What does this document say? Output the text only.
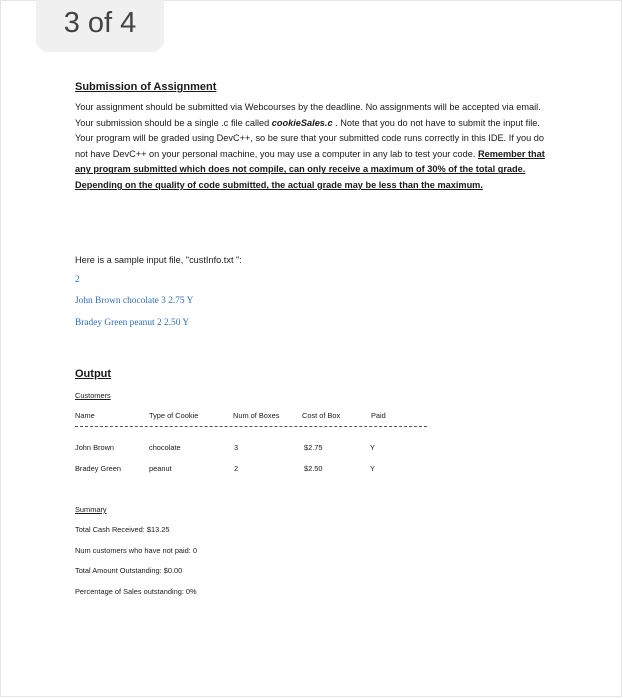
3 of 4
Submission of Assignment

Your assignment should be submitted via Webcourses by the deadline. No assignments will be accepted via email. Your submission should be a single .c file called cookieSales.c . Note that you do not have to submit the input file. Your program will be graded using DevC++, so be sure that your submitted code runs correctly in this IDE. If you do not have DevC++ on your personal machine, you may use a computer in any lab to test your code. Remember that any program submitted which does not compile, can only receive a maximum of 30% of the total grade. Depending on the quality of code submitted, the actual grade may be less than the maximum.

Here is a sample input file, "custInfo.txt ":
2
John Brown chocolate 3 2.75 Y
Bradey Green peanut 2 2.50 Y
Output
Customers
Name	Type of Cookie	Num of Boxes	Cost of Box	Paid
John Brown	chocolate	3	$2.75	Y
Bradey Green	peanut	2	$2.50	Y
Summary
Total Cash Received: $13.25
Num customers who have not paid: 0
Total Amount Outstanding: $0.00
Percentage of Sales outstanding: 0%
